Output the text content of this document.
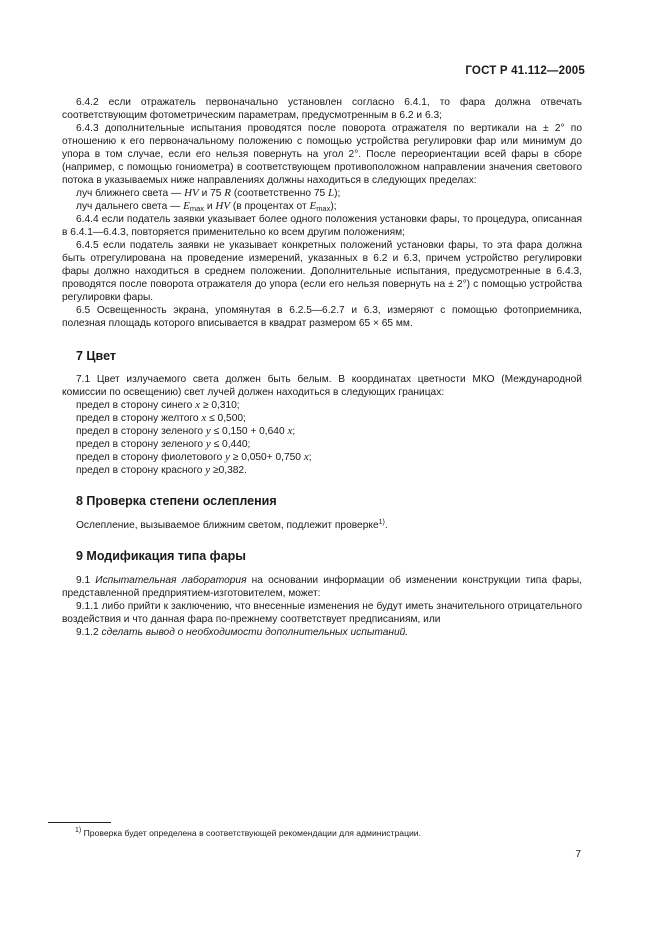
ГОСТ Р 41.112—2005

6.4.2 если отражатель первоначально установлен согласно 6.4.1, то фара должна отвечать соответствующим фотометрическим параметрам, предусмотренным в 6.2 и 6.3;

6.4.3 дополнительные испытания проводятся после поворота отражателя по вертикали на ± 2° по отношению к его первоначальному положению с помощью устройства регулировки фар или минимум до упора в том случае, если его нельзя повернуть на угол 2°. После переориентации всей фары в сборе (например, с помощью гониометра) в соответствующем противоположном направлении значения светового потока в указываемых ниже направлениях должны находиться в следующих пределах:

луч ближнего света — HV и 75 R (соответственно 75 L);

луч дальнего света — $E_{max}$ и HV (в процентах от $E_{max}$);

6.4.4 если податель заявки указывает более одного положения установки фары, то процедура, описанная в 6.4.1—6.4.3, повторяется применительно ко всем другим положениям;

6.4.5 если податель заявки не указывает конкретных положений установки фары, то эта фара должна быть отрегулирована на проведение измерений, указанных в 6.2 и 6.3, причем устройство регулировки фары должно находиться в среднем положении. Дополнительные испытания, предусмотренные в 6.4.3, проводятся после поворота отражателя до упора (если его нельзя повернуть на ± 2°) с помощью устройства регулировки фары.

6.5 Освещенность экрана, упомянутая в 6.2.5—6.2.7 и 6.3, измеряют с помощью фотоприемника, полезная площадь которого вписывается в квадрат размером 65 × 65 мм.

7 Цвет

7.1 Цвет излучаемого света должен быть белым. В координатах цветности МКО (Международной комиссии по освещению) свет лучей должен находиться в следующих границах:

предел в сторону синего x ≥ 0,310;

предел в сторону желтого x ≤ 0,500;

предел в сторону зеленого y ≤ 0,150 + 0,640 x;

предел в сторону зеленого y ≤ 0,440;

предел в сторону фиолетового y ≥ 0,050+ 0,750 x;

предел в сторону красного y ≥0,382.

8 Проверка степени ослепления

Ослепление, вызываемое ближним светом, подлежит проверке$^{1)}$.

9 Модификация типа фары

9.1 Испытательная лаборатория на основании информации об изменении конструкции типа фары, представленной предприятием-изготовителем, может:

9.1.1 либо прийти к заключению, что внесенные изменения не будут иметь значительного отрицательного воздействия и что данная фара по-прежнему соответствует предписаниям, или

9.1.2 сделать вывод о необходимости дополнительных испытаний.

$^{1)}$ Проверка будет определена в соответствующей рекомендации для администрации.
7
